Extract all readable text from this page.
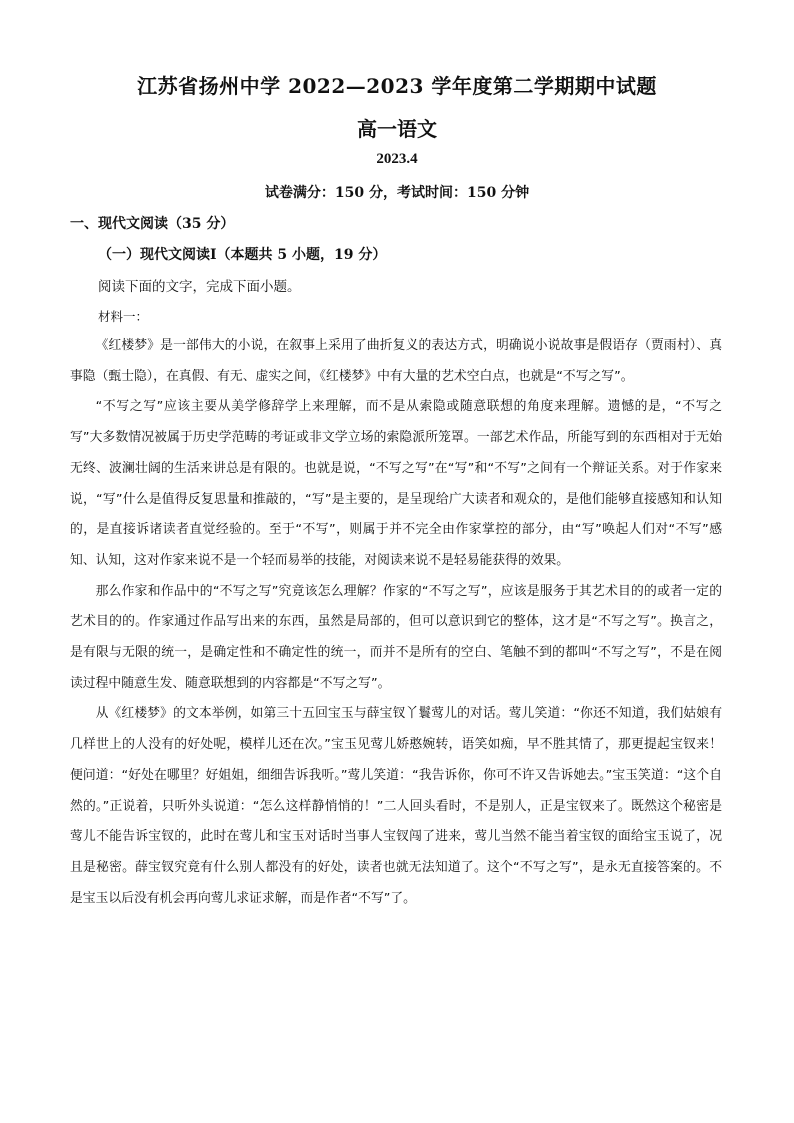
江苏省扬州中学 2022—2023 学年度第二学期期中试题
高一语文
2023.4
试卷满分：150 分，考试时间：150 分钟
一、现代文阅读（35 分）
（一）现代文阅读Ⅰ（本题共 5 小题，19 分）
阅读下面的文字，完成下面小题。
材料一：

《红楼梦》是一部伟大的小说，在叙事上采用了曲折复义的表达方式，明确说小说故事是假语存（贾雨村）、真事隐（甄士隐），在真假、有无、虚实之间，《红楼梦》中有大量的艺术空白点，也就是“不写之写”。

“不写之写”应该主要从美学修辞学上来理解，而不是从索隐或随意联想的角度来理解。遗憾的是，“不写之写”大多数情况被属于历史学范畴的考证或非文学立场的索隐派所笼罩。一部艺术作品，所能写到的东西相对于无始无终、波澜壮阔的生活来讲总是有限的。也就是说，“不写之写”在“写”和“不写”之间有一个辩证关系。对于作家来说，“写”什么是值得反复思量和推敲的，“写”是主要的，是呈现给广大读者和观众的，是他们能够直接感知和认知的，是直接诉诸读者直觉经验的。至于“不写”，则属于并不完全由作家掌控的部分，由“写”唤起人们对“不写”感知、认知，这对作家来说不是一个轻而易举的技能，对阅读来说不是轻易能获得的效果。

那么作家和作品中的“不写之写”究竟该怎么理解？作家的“不写之写”，应该是服务于其艺术目的的或者一定的艺术目的的。作家通过作品写出来的东西，虽然是局部的，但可以意识到它的整体，这才是“不写之写”。换言之，是有限与无限的统一，是确定性和不确定性的统一，而并不是所有的空白、笔触不到的都叫“不写之写”，不是在阅读过程中随意生发、随意联想到的内容都是“不写之写”。

从《红楼梦》的文本举例，如第三十五回宝玉与薛宝钗丫鬟莺儿的对话。莺儿笑道：“你还不知道，我们姑娘有几样世上的人没有的好处呢，模样儿还在次。”宝玉见莺儿娇憨婉转，语笑如痴，早不胜其情了，那更提起宝钗来！便问道：“好处在哪里？好姐姐，细细告诉我听。”莺儿笑道：“我告诉你，你可不许又告诉她去。”宝玉笑道：“这个自然的。”正说着，只听外头说道：“怎么这样静悄悄的！”二人回头看时，不是别人，正是宝钗来了。既然这个秘密是莺儿不能告诉宝钗的，此时在莺儿和宝玉对话时当事人宝钗闯了进来，莺儿当然不能当着宝钗的面给宝玉说了，况且是秘密。薛宝钗究竟有什么别人都没有的好处，读者也就无法知道了。这个“不写之写”，是永无直接答案的。不是宝玉以后没有机会再向莺儿求证求解，而是作者“不写”了。
